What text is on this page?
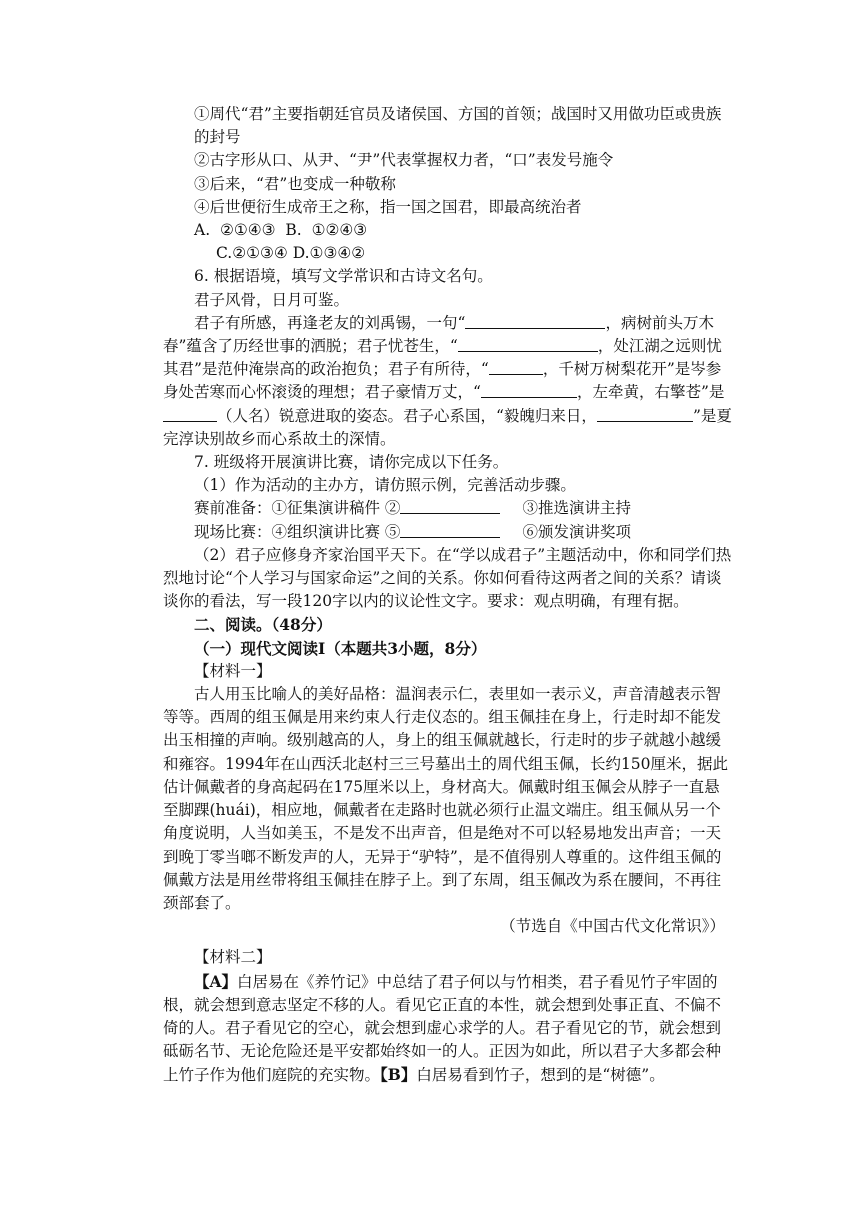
①周代“君”主要指朝廷官员及诸侯国、方国的首领；战国时又用做功臣或贵族的封号

②古字形从口、从尹、“尹”代表掌握权力者，“口”表发号施令

③后来，“君”也变成一种敬称

④后世便衍生成帝王之称，指一国之国君，即最高统治者

A.  ②①④③  B.  ①②④③

C.②①③④ D.①③④②

6. 根据语境，填写文学常识和古诗文名句。

君子风骨，日月可鉴。

君子有所感，再逢老友的刘禹锡，一句“	，病树前头万木春”蕴含了历经世事的洒脱；君子忧苍生，“	，处江湖之远则忧其君”是范仲淹崇高的政治抱负；君子有所待，“	，千树万树梨花开”是岑参身处苦寒而心怀滚烫的理想；君子豪情万丈，“	，左牵黄，右擎苍”是（人名）锐意进取的姿态。君子心系国，“毅魄归来日，	”是夏完淳诀别故乡而心系故土的深情。

7. 班级将开展演讲比赛，请你完成以下任务。

（1）作为活动的主办方，请仿照示例，完善活动步骤。

赛前准备：①征集演讲稿件 ②	③推选演讲主持

现场比赛：④组织演讲比赛 ⑤	⑥颁发演讲奖项

（2）君子应修身齐家治国平天下。在“学以成君子”主题活动中，你和同学们热烈地讨论“个人学习与国家命运”之间的关系。你如何看待这两者之间的关系？请谈谈你的看法，写一段120字以内的议论性文字。要求：观点明确，有理有据。

二、阅读。（48分）

（一）现代文阅读Ⅰ（本题共3小题，8分）

【材料一】

古人用玉比喻人的美好品格：温润表示仁，表里如一表示义，声音清越表示智等等。西周的组玉佩是用来约束人行走仪态的。组玉佩挂在身上，行走时却不能发出玉相撞的声响。级别越高的人，身上的组玉佩就越长，行走时的步子就越小越缓和雍容。1994年在山西沃北赵村三三号墓出土的周代组玉佩，长约150厘米，据此估计佩戴者的身高起码在175厘米以上，身材高大。佩戴时组玉佩会从脖子一直悬至脚踝(huái)，相应地，佩戴者在走路时也就必须行止温文端庄。组玉佩从另一个角度说明，人当如美玉，不是发不出声音，但是绝对不可以轻易地发出声音；一天到晚丁零当啷不断发声的人，无异于“驴特”，是不值得别人尊重的。这件组玉佩的佩戴方法是用丝带将组玉佩挂在脖子上。到了东周，组玉佩改为系在腰间，不再往颈部套了。

（节选自《中国古代文化常识》）

【材料二】

【A】白居易在《养竹记》中总结了君子何以与竹相类，君子看见竹子牢固的根，就会想到意志坚定不移的人。看见它正直的本性，就会想到处事正直、不偏不倚的人。君子看见它的空心，就会想到虚心求学的人。君子看见它的节，就会想到砥砺名节、无论危险还是平安都始终如一的人。正因为如此，所以君子大多都会种上竹子作为他们庭院的充实物。【B】白居易看到竹子，想到的是“树德”。
